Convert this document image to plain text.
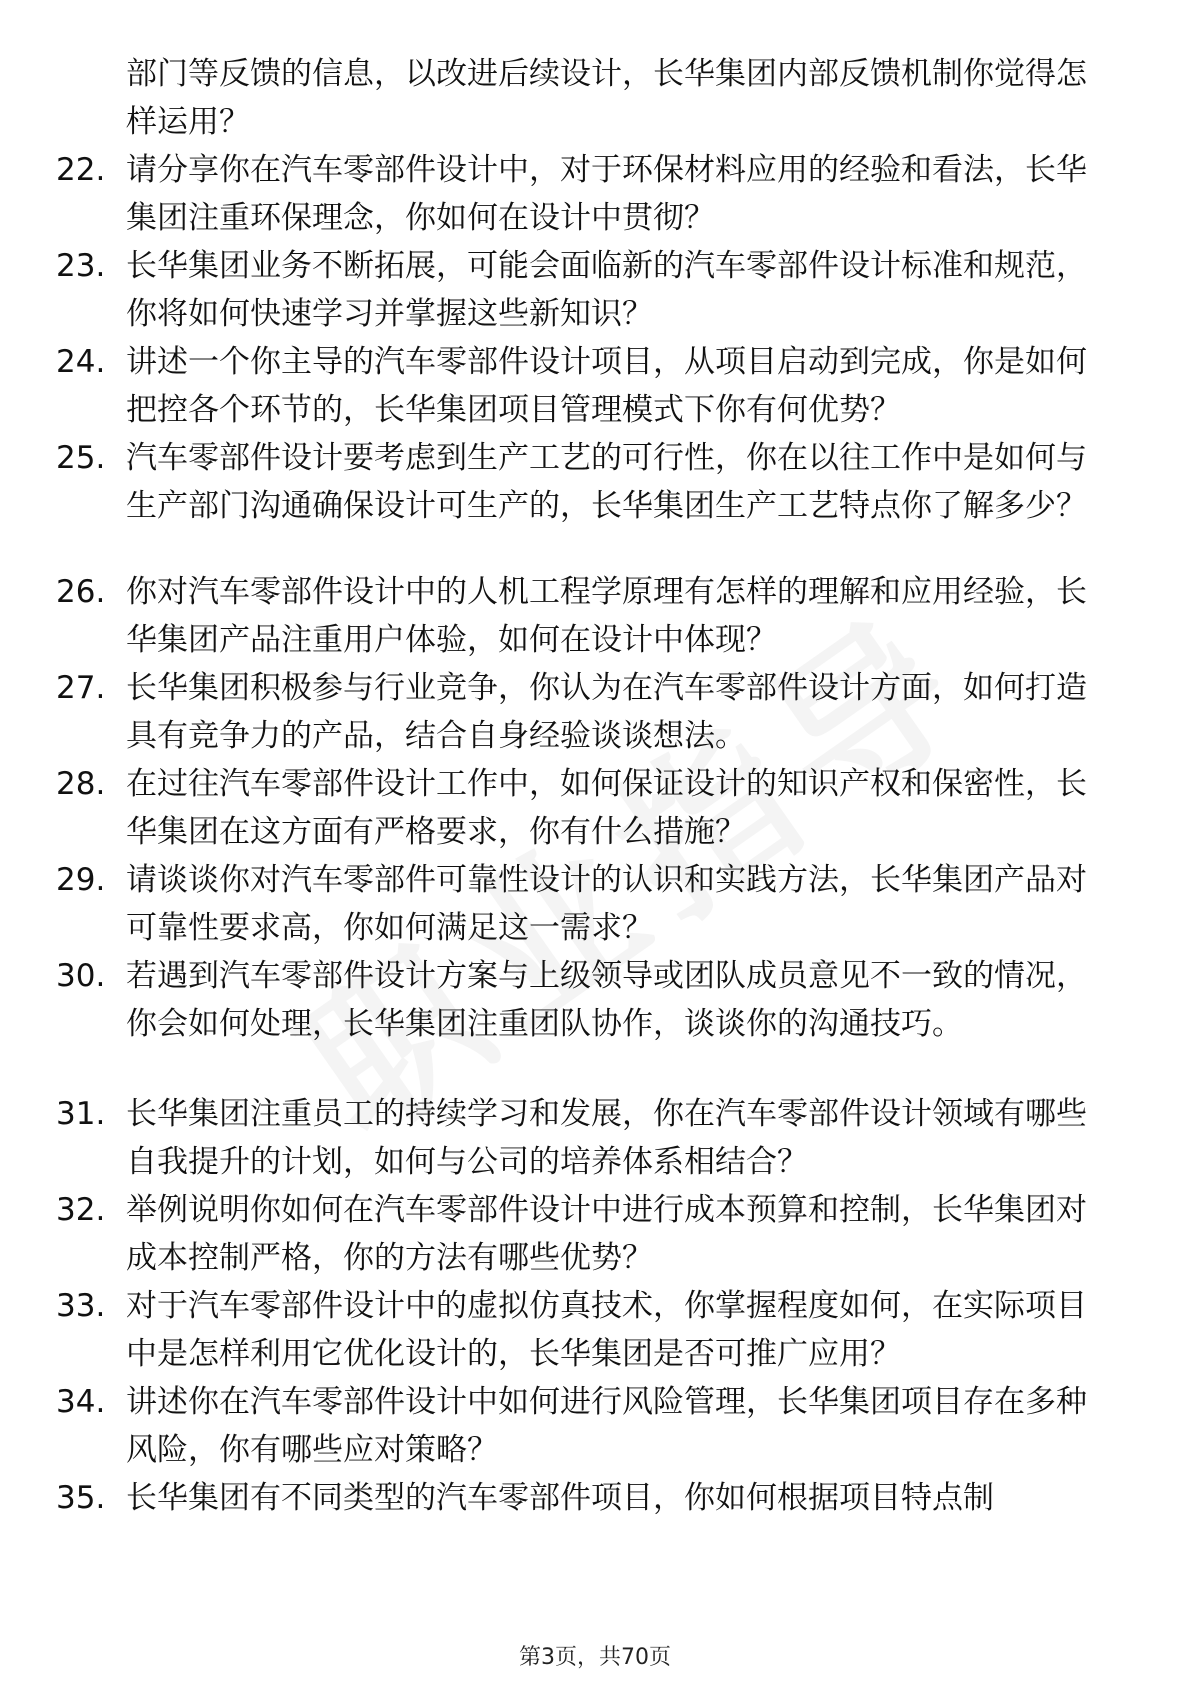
部门等反馈的信息，以改进后续设计，长华集团内部反馈机制你觉得怎样运用？
22. 请分享你在汽车零部件设计中，对于环保材料应用的经验和看法，长华集团注重环保理念，你如何在设计中贯彻？
23. 长华集团业务不断拓展，可能会面临新的汽车零部件设计标准和规范，你将如何快速学习并掌握这些新知识？
24. 讲述一个你主导的汽车零部件设计项目，从项目启动到完成，你是如何把控各个环节的，长华集团项目管理模式下你有何优势？
25. 汽车零部件设计要考虑到生产工艺的可行性，你在以往工作中是如何与生产部门沟通确保设计可生产的，长华集团生产工艺特点你了解多少？
26. 你对汽车零部件设计中的人机工程学原理有怎样的理解和应用经验，长华集团产品注重用户体验，如何在设计中体现？
27. 长华集团积极参与行业竞争，你认为在汽车零部件设计方面，如何打造具有竞争力的产品，结合自身经验谈谈想法。
28. 在过往汽车零部件设计工作中，如何保证设计的知识产权和保密性，长华集团在这方面有严格要求，你有什么措施？
29. 请谈谈你对汽车零部件可靠性设计的认识和实践方法，长华集团产品对可靠性要求高，你如何满足这一需求？
30. 若遇到汽车零部件设计方案与上级领导或团队成员意见不一致的情况，你会如何处理，长华集团注重团队协作，谈谈你的沟通技巧。
31. 长华集团注重员工的持续学习和发展，你在汽车零部件设计领域有哪些自我提升的计划，如何与公司的培养体系相结合？
32. 举例说明你如何在汽车零部件设计中进行成本预算和控制，长华集团对成本控制严格，你的方法有哪些优势？
33. 对于汽车零部件设计中的虚拟仿真技术，你掌握程度如何，在实际项目中是怎样利用它优化设计的，长华集团是否可推广应用？
34. 讲述你在汽车零部件设计中如何进行风险管理，长华集团项目存在多种风险，你有哪些应对策略？
35. 长华集团有不同类型的汽车零部件项目，你如何根据项目特点制
第3页，共70页
